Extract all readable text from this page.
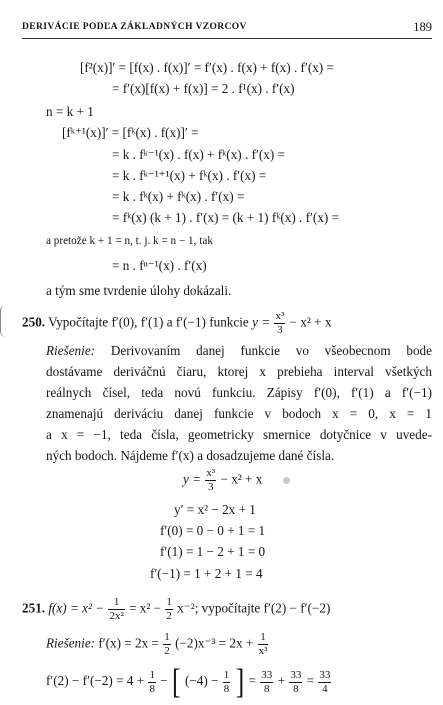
DERIVÁCIE PODĽA ZÁKLADNÝCH VZORCOV	189
[f²(x)]′ = [f(x) . f(x)]′ = f′(x) . f(x) + f(x) . f′(x) =
= f′(x)[f(x) + f(x)] = 2 . f¹(x) . f′(x)
n = k + 1
[fᵏ⁺¹(x)]′ = [fᵏ(x) . f(x)]′ =
= k . fᵏ⁻¹(x) . f(x) + fᵏ(x) . f′(x) =
= k . fᵏ⁻¹⁺¹(x) + fᵏ(x) . f′(x) =
= k . fᵏ(x) + fᵏ(x) . f′(x) =
= fᵏ(x) (k + 1) . f′(x) = (k + 1) fᵏ(x) . f′(x) =
a pretože k + 1 = n, t. j. k = n − 1, tak
= n . fⁿ⁻¹(x) . f′(x)
a tým sme tvrdenie úlohy dokázali.
250. Vypočítajte f′(0), f′(1) a f′(−1) funkcie $y = \frac{\text{x³}}{3} - x^2 + x$
Riešenie: Derivovaním danej funkcie vo všeobecnom bode
dostávame deriváčnú čiaru, ktorej x prebieha interval všetkých
reálnych čísel, teda novú funkciu. Zápisy f′(0), f′(1) a f′(−1)
znamenajú deriváciu danej funkcie v bodoch x = 0, x = 1
a x = −1, teda čísla, geometricky smernice dotyčnice v uvede-
ných bodoch. Nájdeme f′(x) a dosadzujeme dané čísla.
$y = \frac{\text{x³}}{3} - x^2 + x$
y′ = x² − 2x + 1
f′(0) = 0 − 0 + 1 = 1
f′(1) = 1 − 2 + 1 = 0
f′(−1) = 1 + 2 + 1 = 4
251. $f(x) = x^2 - \frac{1}{\text{2x²}} = x^2 - \frac{1}{2} x^{-2}$; vypočítajte f′(2) − f′(−2)
Riešenie: $f'(x) = 2x = \frac{1}{2} (-2)x^{-3} = 2x + \frac{1}{\text{x³}}$
$f'(2) - f'(-2) = 4 + \frac{1}{8}$ − [ $(-4) - \frac{1}{8}$ ] = $\frac{33}{8} + \frac{33}{8} = \frac{33}{4}$
